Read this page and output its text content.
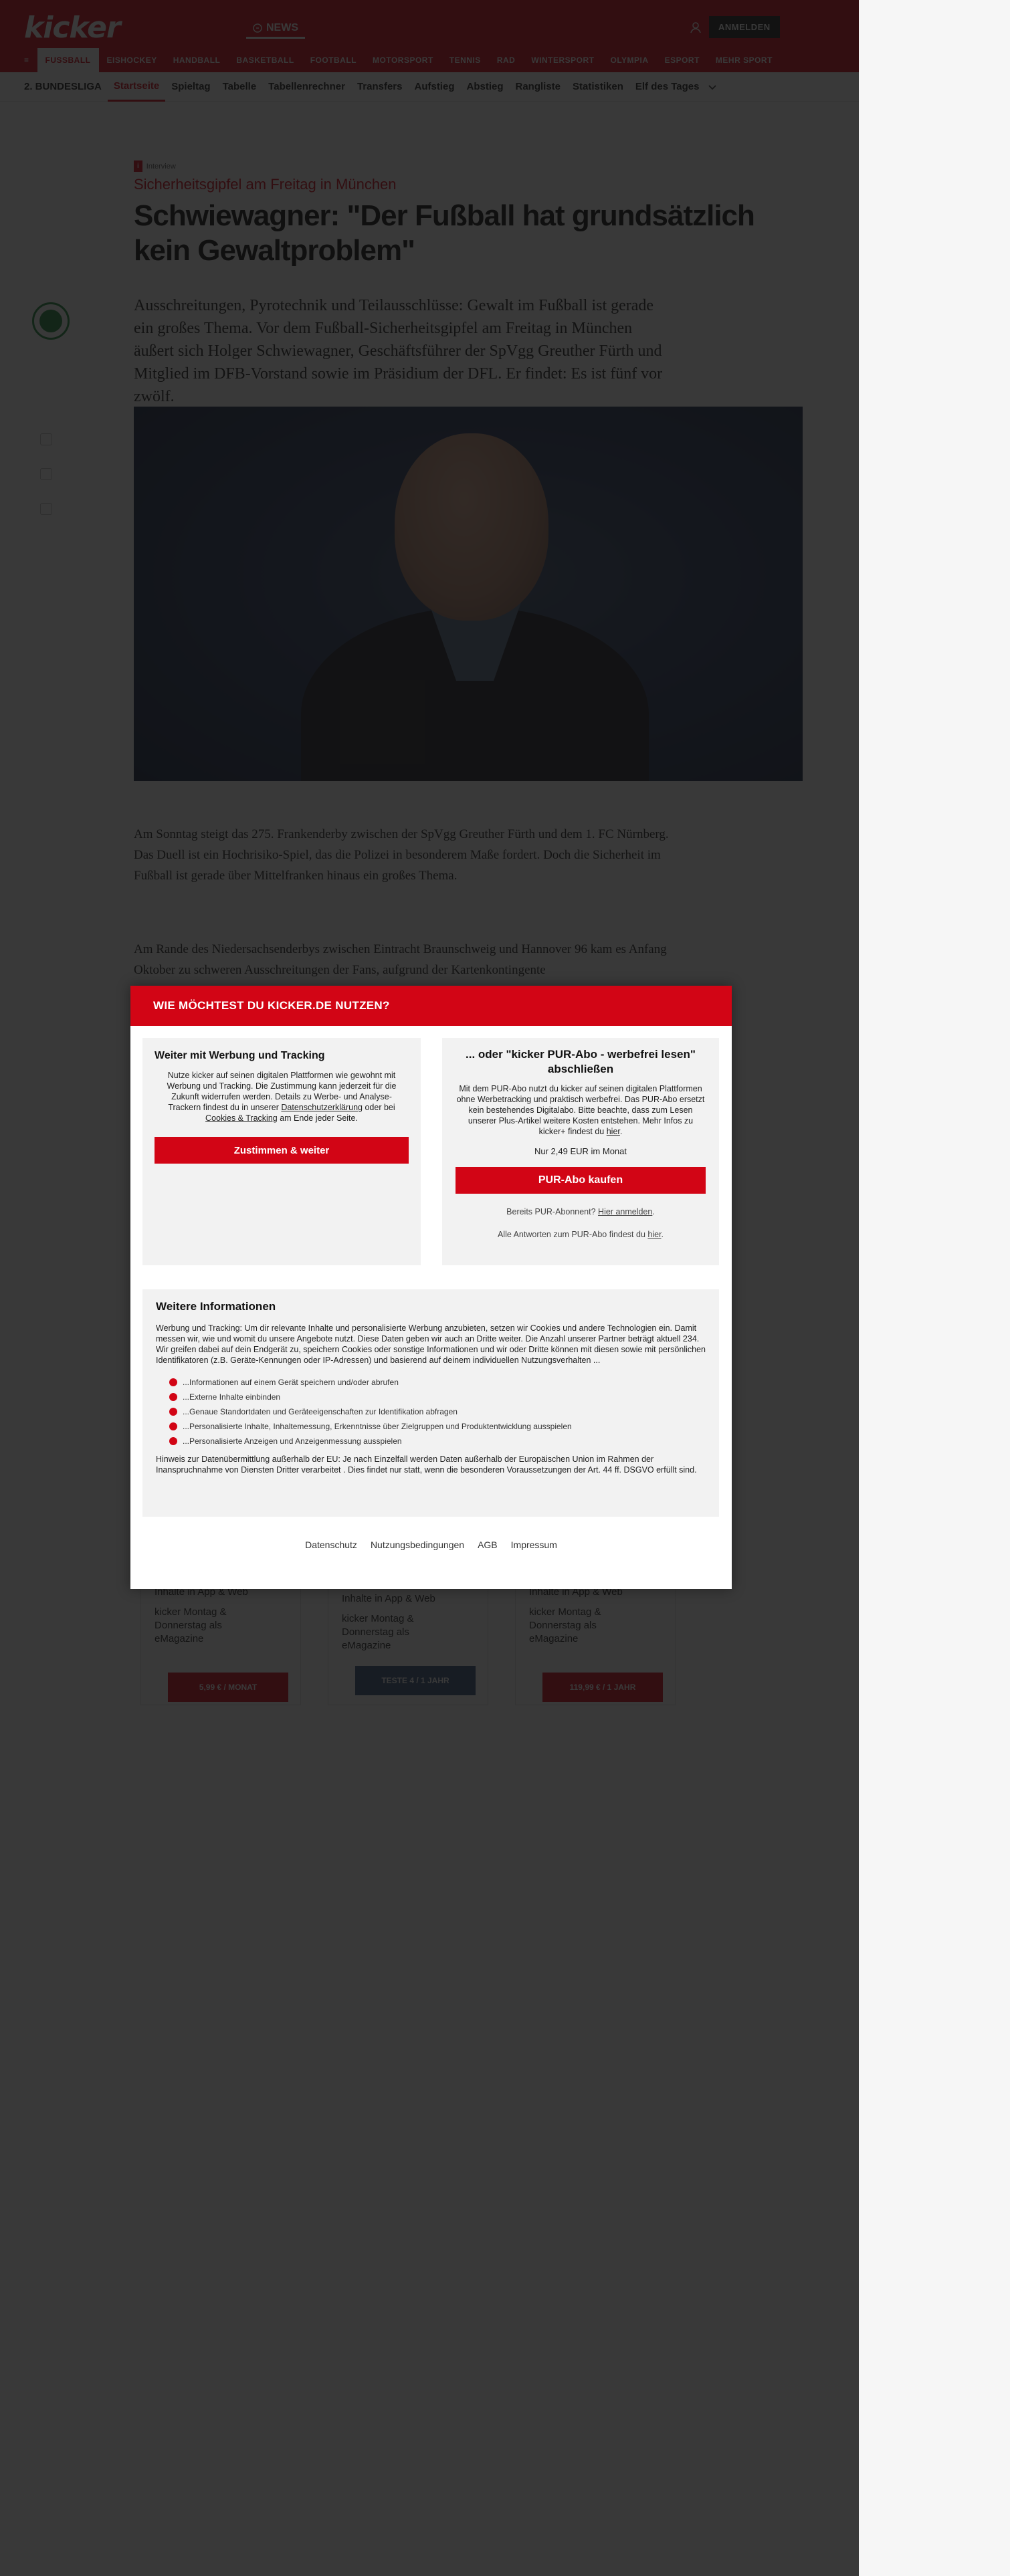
WIE MÖCHTEST DU KICKER.DE NUTZEN?
Weiter mit Werbung und Tracking
Nutze kicker auf seinen digitalen Plattformen wie gewohnt mit Werbung und Tracking. Die Zustimmung kann jederzeit für die Zukunft widerrufen werden. Details zu Werbe- und Analyse-Trackern findest du in unserer Datenschutzerklärung oder bei Cookies & Tracking am Ende jeder Seite.
Zustimmen & weiter
... oder "kicker PUR-Abo - werbefrei lesen" abschließen
Mit dem PUR-Abo nutzt du kicker auf seinen digitalen Plattformen ohne Werbetracking und praktisch werbefrei. Das PUR-Abo ersetzt kein bestehendes Digitalabo. Bitte beachte, dass zum Lesen unserer Plus-Artikel weitere Kosten entstehen. Mehr Infos zu kicker+ findest du hier.
Nur 2,49 EUR im Monat
PUR-Abo kaufen
Bereits PUR-Abonnent? Hier anmelden.
Alle Antworten zum PUR-Abo findest du hier.
Weitere Informationen
Werbung und Tracking: Um dir relevante Inhalte und personalisierte Werbung anzubieten, setzen wir Cookies und andere Technologien ein. Damit messen wir, wie und womit du unsere Angebote nutzt. Diese Daten geben wir auch an Dritte weiter. Die Anzahl unserer Partner beträgt aktuell 234. Wir greifen dabei auf dein Endgerät zu, speichern Cookies oder sonstige Informationen und wir oder Dritte können mit diesen sowie mit persönlichen Identifikatoren (z.B. Geräte-Kennungen oder IP-Adressen) und basierend auf deinem individuellen Nutzungsverhalten ...
...Informationen auf einem Gerät speichern und/oder abrufen
...Externe Inhalte einbinden
...Genaue Standortdaten und Geräteeigenschaften zur Identifikation abfragen
...Personalisierte Inhalte, Inhaltemessung, Erkenntnisse über Zielgruppen und Produktentwicklung ausspielen
...Personalisierte Anzeigen und Anzeigenmessung ausspielen
Hinweis zur Datenübermittlung außerhalb der EU: Je nach Einzelfall werden Daten außerhalb der Europäischen Union im Rahmen der Inanspruchnahme von Diensten Dritter verarbeitet . Dies findet nur statt, wenn die besonderen Voraussetzungen der Art. 44 ff. DSGVO erfüllt sind.
Datenschutz Nutzungsbedingungen AGB Impressum
